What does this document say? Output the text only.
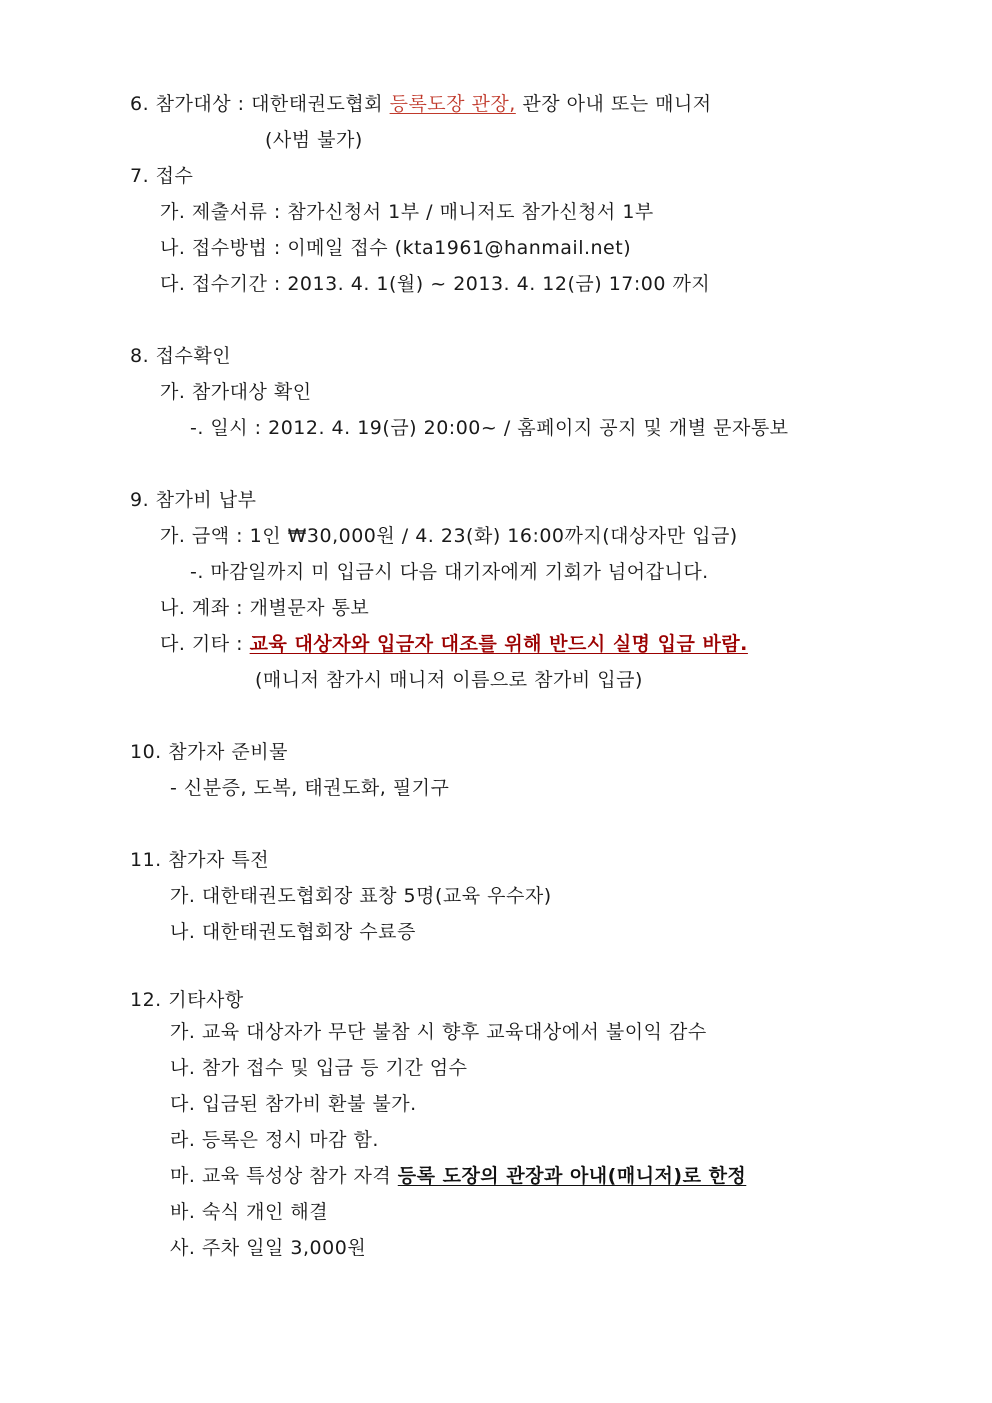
6. 참가대상 : 대한태권도협회 등록도장 관장, 관장 아내 또는 매니저
(사범 불가)
7. 접수
가. 제출서류 : 참가신청서 1부 / 매니저도 참가신청서 1부
나. 접수방법 : 이메일 접수 (kta1961@hanmail.net)
다. 접수기간 : 2013. 4. 1(월) ~ 2013. 4. 12(금) 17:00 까지
8. 접수확인
가. 참가대상 확인
-. 일시 : 2012. 4. 19(금) 20:00~ / 홈페이지 공지 및 개별 문자통보
9. 참가비 납부
가. 금액 : 1인 ₩30,000원 / 4. 23(화) 16:00까지(대상자만 입금)
-. 마감일까지 미 입금시 다음 대기자에게 기회가 넘어갑니다.
나. 계좌 : 개별문자 통보
다. 기타 : 교육 대상자와 입금자 대조를 위해 반드시 실명 입금 바람.
(매니저 참가시 매니저 이름으로 참가비 입금)
10. 참가자 준비물
- 신분증, 도복, 태권도화, 필기구
11. 참가자 특전
가. 대한태권도협회장 표창 5명(교육 우수자)
나. 대한태권도협회장 수료증
12. 기타사항
가. 교육 대상자가 무단 불참 시 향후 교육대상에서 불이익 감수
나. 참가 접수 및 입금 등 기간 엄수
다. 입금된 참가비 환불 불가.
라. 등록은 정시 마감 함.
마. 교육 특성상 참가 자격 등록 도장의 관장과 아내(매니저)로 한정
바. 숙식 개인 해결
사. 주차 일일 3,000원
